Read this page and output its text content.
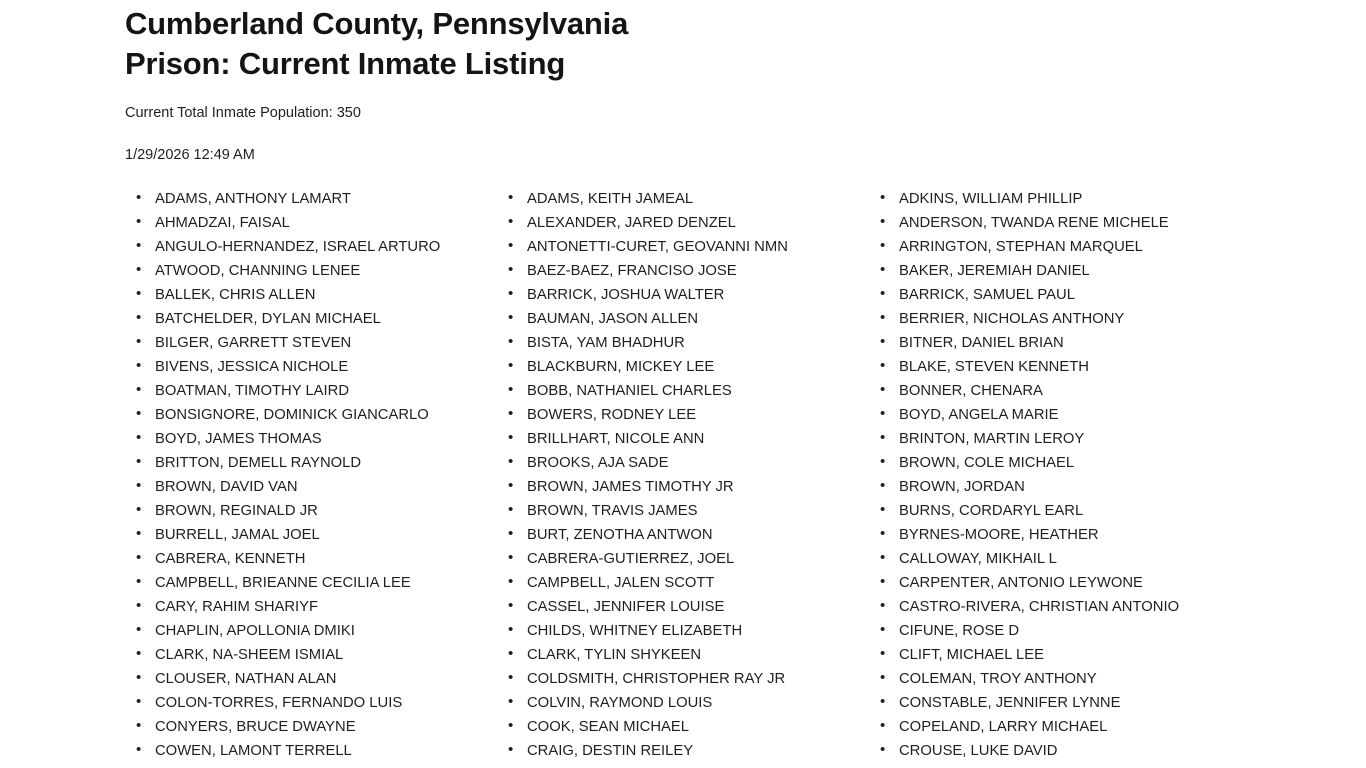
Cumberland County, Pennsylvania
Prison: Current Inmate Listing
Current Total Inmate Population: 350
1/29/2026 12:49 AM
• ADAMS, ANTHONY LAMART
• AHMADZAI, FAISAL
• ANGULO-HERNANDEZ, ISRAEL ARTURO
• ATWOOD, CHANNING LENEE
• BALLEK, CHRIS ALLEN
• BATCHELDER, DYLAN MICHAEL
• BILGER, GARRETT STEVEN
• BIVENS, JESSICA NICHOLE
• BOATMAN, TIMOTHY LAIRD
• BONSIGNORE, DOMINICK GIANCARLO
• BOYD, JAMES THOMAS
• BRITTON, DEMELL RAYNOLD
• BROWN, DAVID VAN
• BROWN, REGINALD JR
• BURRELL, JAMAL JOEL
• CABRERA, KENNETH
• CAMPBELL, BRIEANNE CECILIA LEE
• CARY, RAHIM SHARIYF
• CHAPLIN, APOLLONIA DMIKI
• CLARK, NA-SHEEM ISMIAL
• CLOUSER, NATHAN ALAN
• COLON-TORRES, FERNANDO LUIS
• CONYERS, BRUCE DWAYNE
• COWEN, LAMONT TERRELL
• ADAMS, KEITH JAMEAL
• ALEXANDER, JARED DENZEL
• ANTONETTI-CURET, GEOVANNI NMN
• BAEZ-BAEZ, FRANCISO JOSE
• BARRICK, JOSHUA WALTER
• BAUMAN, JASON ALLEN
• BISTA, YAM BHADHUR
• BLACKBURN, MICKEY LEE
• BOBB, NATHANIEL CHARLES
• BOWERS, RODNEY LEE
• BRILLHART, NICOLE ANN
• BROOKS, AJA SADE
• BROWN, JAMES TIMOTHY JR
• BROWN, TRAVIS JAMES
• BURT, ZENOTHA ANTWON
• CABRERA-GUTIERREZ, JOEL
• CAMPBELL, JALEN SCOTT
• CASSEL, JENNIFER LOUISE
• CHILDS, WHITNEY ELIZABETH
• CLARK, TYLIN SHYKEEN
• COLDSMITH, CHRISTOPHER RAY JR
• COLVIN, RAYMOND LOUIS
• COOK, SEAN MICHAEL
• CRAIG, DESTIN REILEY
• ADKINS, WILLIAM PHILLIP
• ANDERSON, TWANDA RENE MICHELE
• ARRINGTON, STEPHAN MARQUEL
• BAKER, JEREMIAH DANIEL
• BARRICK, SAMUEL PAUL
• BERRIER, NICHOLAS ANTHONY
• BITNER, DANIEL BRIAN
• BLAKE, STEVEN KENNETH
• BONNER, CHENARA
• BOYD, ANGELA MARIE
• BRINTON, MARTIN LEROY
• BROWN, COLE MICHAEL
• BROWN, JORDAN
• BURNS, CORDARYL EARL
• BYRNES-MOORE, HEATHER
• CALLOWAY, MIKHAIL L
• CARPENTER, ANTONIO LEYWONE
• CASTRO-RIVERA, CHRISTIAN ANTONIO
• CIFUNE, ROSE D
• CLIFT, MICHAEL LEE
• COLEMAN, TROY ANTHONY
• CONSTABLE, JENNIFER LYNNE
• COPELAND, LARRY MICHAEL
• CROUSE, LUKE DAVID
